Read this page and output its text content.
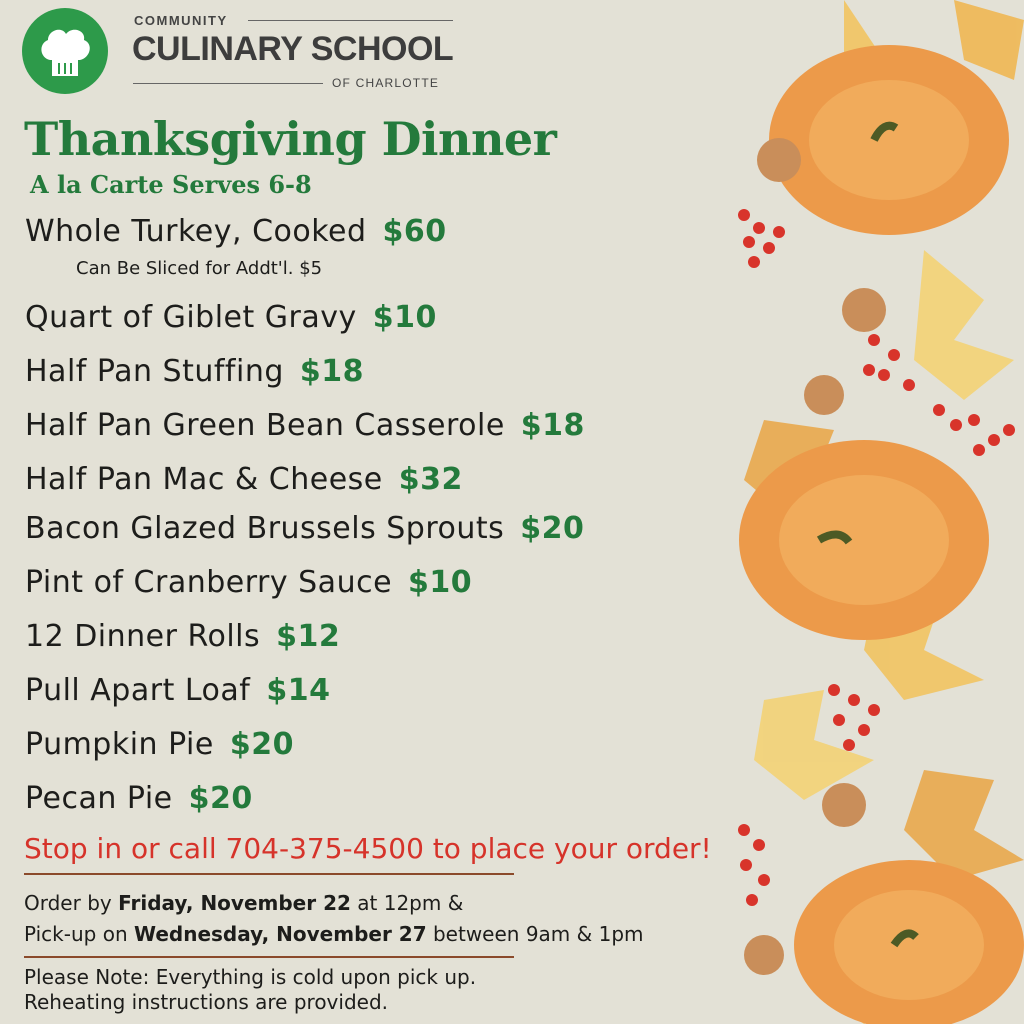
COMMUNITY
CULINARY SCHOOL
OF CHARLOTTE
Thanksgiving Dinner
A la Carte Serves 6-8
Whole Turkey, Cooked $60
Can Be Sliced for Addt'l. $5
Quart of Giblet Gravy $10
Half Pan Stuffing $18
Half Pan Green Bean Casserole $18
Half Pan Mac & Cheese $32
Bacon Glazed Brussels Sprouts $20
Pint of Cranberry Sauce $10
12 Dinner Rolls $12
Pull Apart Loaf $14
Pumpkin Pie $20
Pecan Pie $20
Stop in or call 704-375-4500 to place your order!
Order by Friday, November 22 at 12pm &
Pick-up on Wednesday, November 27 between 9am & 1pm
Please Note: Everything is cold upon pick up.
Reheating instructions are provided.
